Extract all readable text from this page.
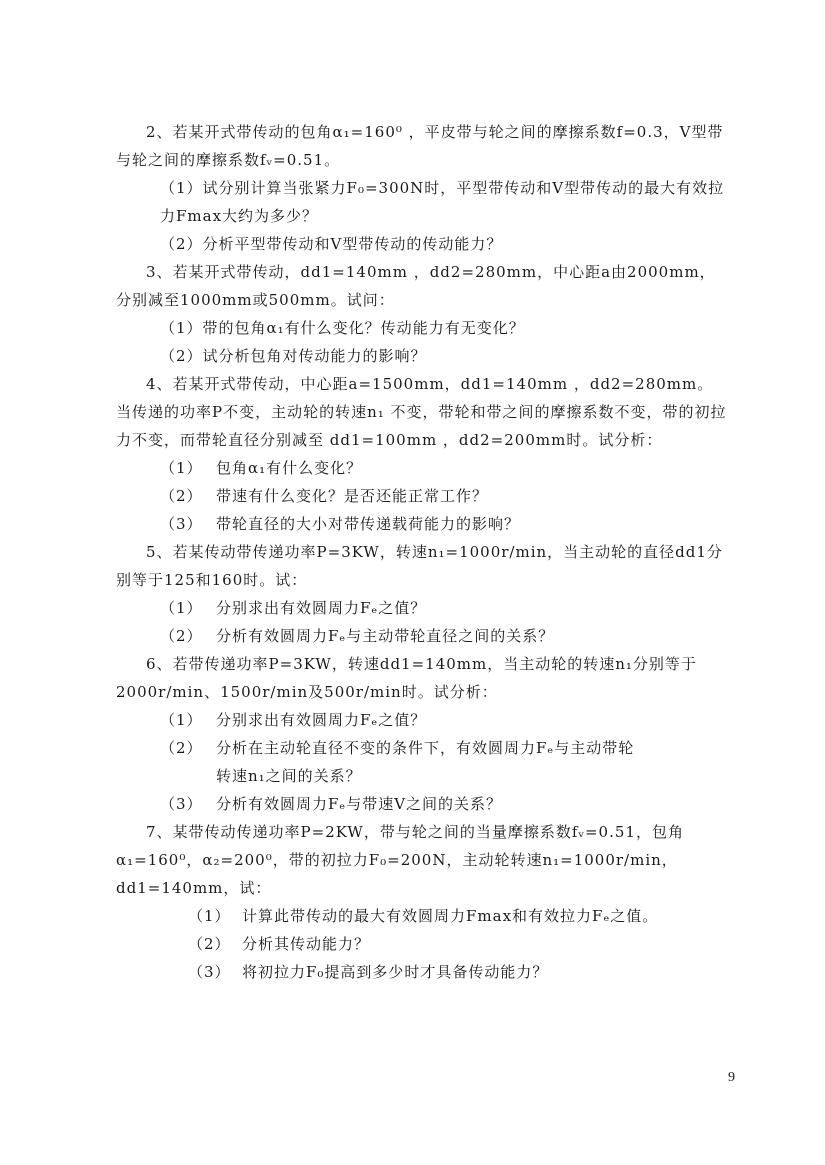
2、若某开式带传动的包角α₁=160⁰ ，平皮带与轮之间的摩擦系数f=0.3，V型带与轮之间的摩擦系数fᵥ=0.51。

（1）试分别计算当张紧力F₀=300N时，平型带传动和V型带传动的最大有效拉力Fmax大约为多少？

（2）分析平型带传动和V型带传动的传动能力？

3、若某开式带传动，dd1=140mm ，dd2=280mm，中心距a由2000mm，分别减至1000mm或500mm。试问：

（1）带的包角α₁有什么变化？传动能力有无变化？

（2）试分析包角对传动能力的影响？

4、若某开式带传动，中心距a=1500mm，dd1=140mm ，dd2=280mm。当传递的功率P不变，主动轮的转速n₁ 不变，带轮和带之间的摩擦系数不变，带的初拉力不变，而带轮直径分别减至 dd1=100mm ，dd2=200mm时。试分析：

（1） 包角α₁有什么变化？

（2） 带速有什么变化？是否还能正常工作？

（3） 带轮直径的大小对带传递载荷能力的影响？

5、若某传动带传递功率P=3KW，转速n₁=1000r/min，当主动轮的直径dd1分别等于125和160时。试：

（1） 分别求出有效圆周力Fₑ之值？

（2） 分析有效圆周力Fₑ与主动带轮直径之间的关系？

6、若带传递功率P=3KW，转速dd1=140mm，当主动轮的转速n₁分别等于2000r/min、1500r/min及500r/min时。试分析：

（1） 分别求出有效圆周力Fₑ之值？

（2） 分析在主动轮直径不变的条件下，有效圆周力Fₑ与主动带轮

转速n₁之间的关系？

（3） 分析有效圆周力Fₑ与带速V之间的关系？

7、某带传动传递功率P=2KW，带与轮之间的当量摩擦系数fᵥ=0.51，包角α₁=160⁰，α₂=200⁰，带的初拉力F₀=200N，主动轮转速n₁=1000r/min，dd1=140mm，试：

（1） 计算此带传动的最大有效圆周力Fmax和有效拉力Fₑ之值。

（2） 分析其传动能力？

（3） 将初拉力F₀提高到多少时才具备传动能力？

9
